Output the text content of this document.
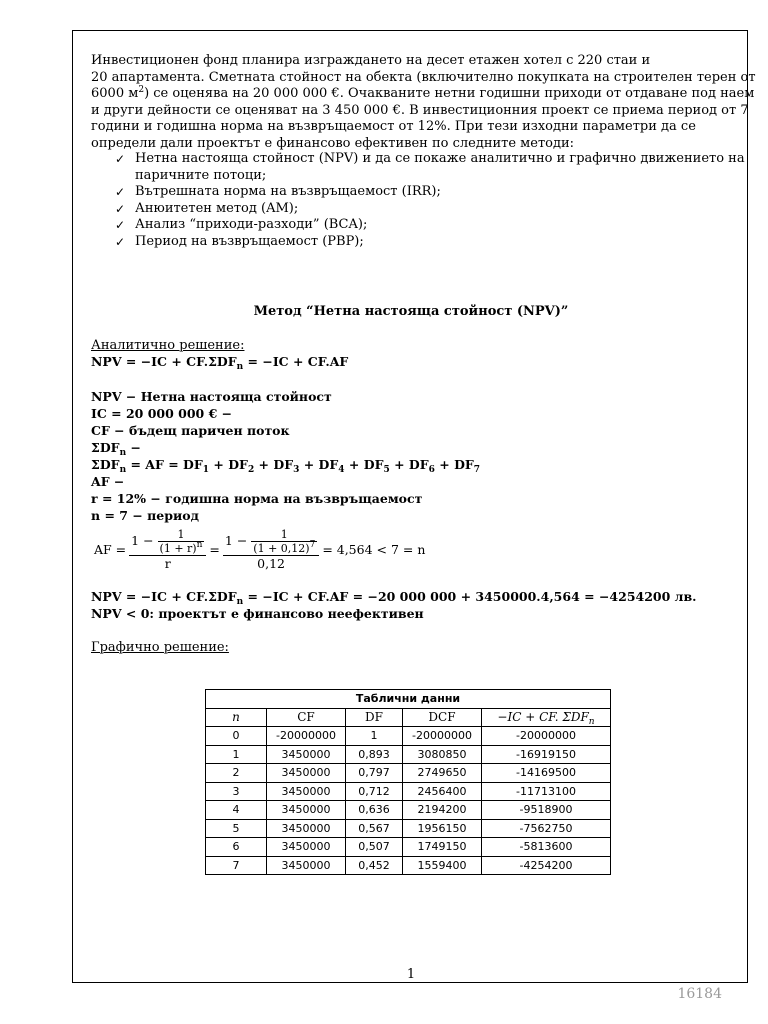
Инвестиционен фонд планира изграждането на десет етажен хотел с 220 стаи и
20 апартамента. Сметната стойност на обекта (включително покупката на строителен терен от
6000 $м^2$) се оценява на 20 000 000 €. Очакваните нетни годишни приходи от отдаване под наем
и други дейности се оценяват на 3 450 000 €. В инвестиционния проект се приема период от 7
години и годишна норма на възвръщаемост от 12%. При тези изходни параметри да се
определи дали проектът е финансово ефективен по следните методи:
✓ Нетна настояща стойност (NPV) и да се покаже аналитично и графично движението на
паричните потоци;
✓ Вътрешната норма на възвръщаемост (IRR);
✓ Анюитетен метод (AM);
✓ Анализ “приходи-разходи” (BCA);
✓ Период на възвръщаемост (PBP);
Метод “Нетна настояща стойност (NPV)”
Аналитично решение:
NPV = $-IC + CF.\Sigma DF_n = -IC + CF.AF$
NPV − Нетна настояща стойност
IC = 20 000 000 € −
CF − бъдещ паричен поток
$\Sigma DF_n$ −
$\Sigma DF_n$ = AF = $DF_1 + DF_2 + DF_3 + DF_4 + DF_5 + DF_6 + DF_7$
AF −
r = 12% − годишна норма на възвръщаемост
n = 7 − период
AF = $\frac{1 - \frac{1}{(1 + r)^n}}{r} = \frac{1 - \frac{1}{(1 + 0,12)^7}}{0,12} = 4,564 < 7 = n$
NPV = $-IC + CF.\Sigma DF_n = -IC + CF.AF = -20$ 000 000 + 3450000.4,564 = −4254200 лв.
NPV < 0: проектът е финансово неефективен
Графично решение:
Таблични данни				
n	CF	DF	DCF	−IC + CF. $\Sigma DF_n$
0	-20000000	1	-20000000	-20000000
1	3450000	0,893	3080850	-16919150
2	3450000	0,797	2749650	-14169500
3	3450000	0,712	2456400	-11713100
4	3450000	0,636	2194200	-9518900
5	3450000	0,567	1956150	-7562750
6	3450000	0,507	1749150	-5813600
7	3450000	0,452	1559400	-4254200
1
16184
